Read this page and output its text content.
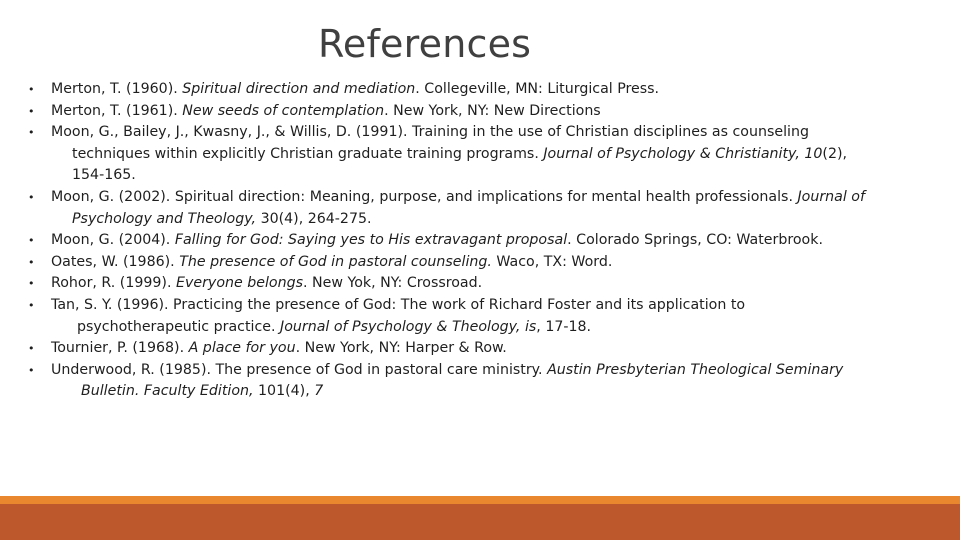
References
• Merton, T. (1960). Spiritual direction and mediation. Collegeville, MN: Liturgical Press.
• Merton, T. (1961). New seeds of contemplation. New York, NY: New Directions
• Moon, G., Bailey, J., Kwasny, J., & Willis, D. (1991). Training in the use of Christian disciplines as counseling
techniques within explicitly Christian graduate training programs. Journal of Psychology & Christianity, 10(2),
154-165.
• Moon, G. (2002). Spiritual direction: Meaning, purpose, and implications for mental health professionals. Journal of
Psychology and Theology, 30(4), 264-275.
• Moon, G. (2004). Falling for God: Saying yes to His extravagant proposal. Colorado Springs, CO: Waterbrook.
• Oates, W. (1986). The presence of God in pastoral counseling. Waco, TX: Word.
• Rohor, R. (1999). Everyone belongs. New Yok, NY: Crossroad.
• Tan, S. Y. (1996). Practicing the presence of God: The work of Richard Foster and its application to
psychotherapeutic practice. Journal of Psychology & Theology, is, 17-18.
• Tournier, P. (1968). A place for you. New York, NY: Harper & Row.
• Underwood, R. (1985). The presence of God in pastoral care ministry. Austin Presbyterian Theological Seminary
Bulletin. Faculty Edition, 101(4), 7
